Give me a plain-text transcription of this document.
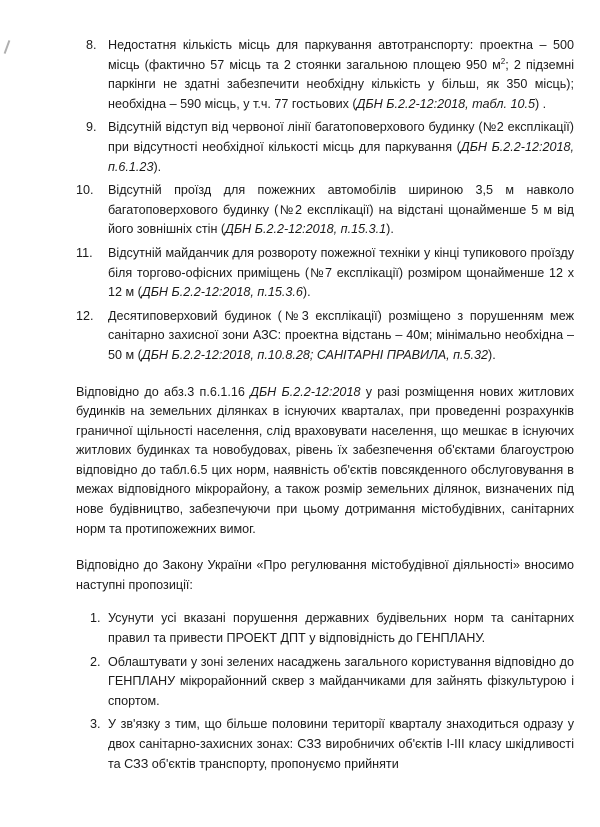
8. Недостатня кількість місць для паркування автотранспорту: проектна – 500 місць (фактично 57 місць та 2 стоянки загальною площею 950 $м^2$; 2 підземні паркінги не здатні забезпечити необхідну кількість у більш, як 350 місць); необхідна – 590 місць, у т.ч. 77 гостьових (ДБН Б.2.2-12:2018, табл. 10.5) .
9. Відсутній відступ від червоної лінії багатоповерхового будинку (№2 експлікації) при відсутності необхідної кількості місць для паркування (ДБН Б.2.2-12:2018, п.6.1.23).
10. Відсутній проїзд для пожежних автомобілів шириною 3,5 м навколо багатоповерхового будинку (№2 експлікації) на відстані щонайменше 5 м від його зовнішніх стін (ДБН Б.2.2-12:2018, п.15.3.1).
11. Відсутній майданчик для розвороту пожежної техніки у кінці тупикового проїзду біля торгово-офісних приміщень (№7 експлікації) розміром щонайменше 12 х 12 м (ДБН Б.2.2-12:2018, п.15.3.6).
12. Десятиповерховий будинок (№3 експлікації) розміщено з порушенням меж санітарно захисної зони АЗС: проектна відстань – 40м; мінімально необхідна – 50 м (ДБН Б.2.2-12:2018, п.10.8.28; САНІТАРНІ ПРАВИЛА, п.5.32).

Відповідно до абз.3 п.6.1.16 ДБН Б.2.2-12:2018 у разі розміщення нових житлових будинків на земельних ділянках в існуючих кварталах, при проведенні розрахунків граничної щільності населення, слід враховувати населення, що мешкає в існуючих житлових будинках та новобудовах, рівень їх забезпечення об'єктами благоустрою відповідно до табл.6.5 цих норм, наявність об'єктів повсякденного обслуговування в межах відповідного мікрорайону, а також розмір земельних ділянок, визначених під нове будівництво, забезпечуючи при цьому дотримання містобудівних, санітарних норм та протипожежних вимог.

Відповідно до Закону України «Про регулювання містобудівної діяльності» вносимо наступні пропозиції:

1. Усунути усі вказані порушення державних будівельних норм та санітарних правил та привести ПРОЕКТ ДПТ у відповідність до ГЕНПЛАНУ.
2. Облаштувати у зоні зелених насаджень загального користування відповідно до ГЕНПЛАНУ мікрорайонний сквер з майданчиками для зайнять фізкультурою і спортом.
3. У зв'язку з тим, що більше половини території кварталу знаходиться одразу у двох санітарно-захисних зонах: СЗЗ виробничих об'єктів І-ІІІ класу шкідливості та СЗЗ об'єктів транспорту, пропонуємо прийняти
